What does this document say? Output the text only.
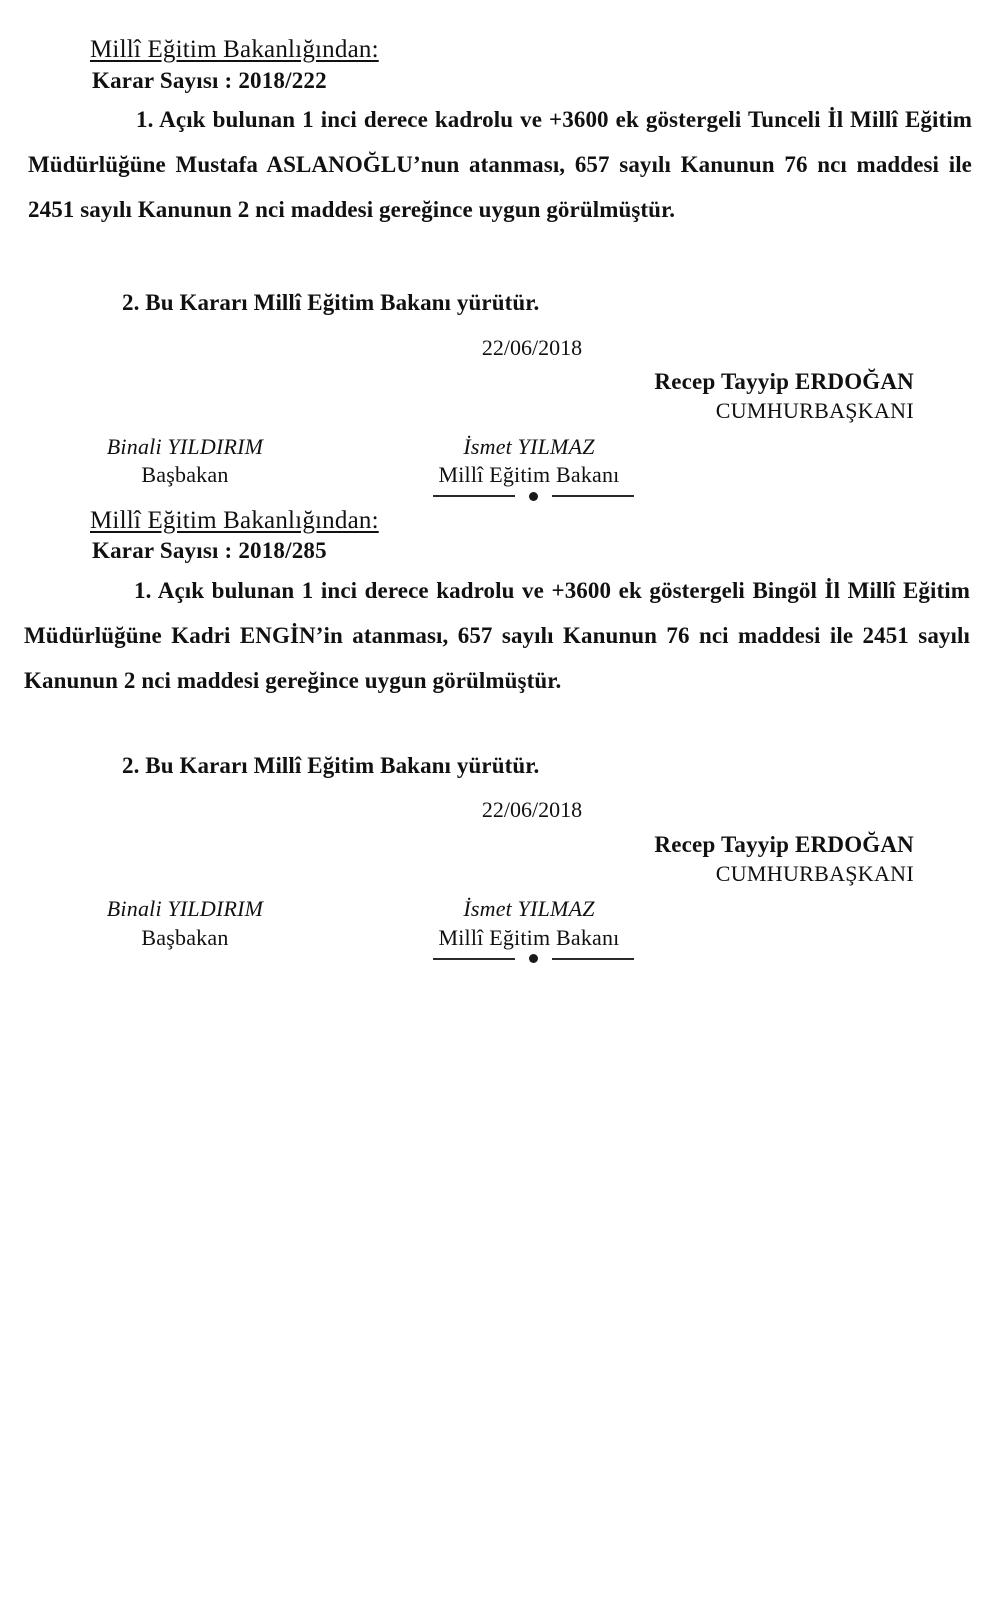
Millî Eğitim Bakanlığından:
Karar Sayısı : 2018/222

1. Açık bulunan 1 inci derece kadrolu ve +3600 ek göstergeli Tunceli İl Millî Eğitim Müdürlüğüne Mustafa ASLANOĞLU’nun atanması, 657 sayılı Kanunun 76 ncı maddesi ile 2451 sayılı Kanunun 2 nci maddesi gereğince uygun görülmüştür.

2. Bu Kararı Millî Eğitim Bakanı yürütür.

22/06/2018
Recep Tayyip ERDOĞAN
CUMHURBAŞKANI
Binali YILDIRIM
Başbakan
İsmet YILMAZ
Millî Eğitim Bakanı
Millî Eğitim Bakanlığından:
Karar Sayısı : 2018/285

1. Açık bulunan 1 inci derece kadrolu ve +3600 ek göstergeli Bingöl İl Millî Eğitim Müdürlüğüne Kadri ENGİN’in atanması, 657 sayılı Kanunun 76 nci maddesi ile 2451 sayılı Kanunun 2 nci maddesi gereğince uygun görülmüştür.

2. Bu Kararı Millî Eğitim Bakanı yürütür.

22/06/2018
Recep Tayyip ERDOĞAN
CUMHURBAŞKANI
Binali YILDIRIM
Başbakan
İsmet YILMAZ
Millî Eğitim Bakanı
